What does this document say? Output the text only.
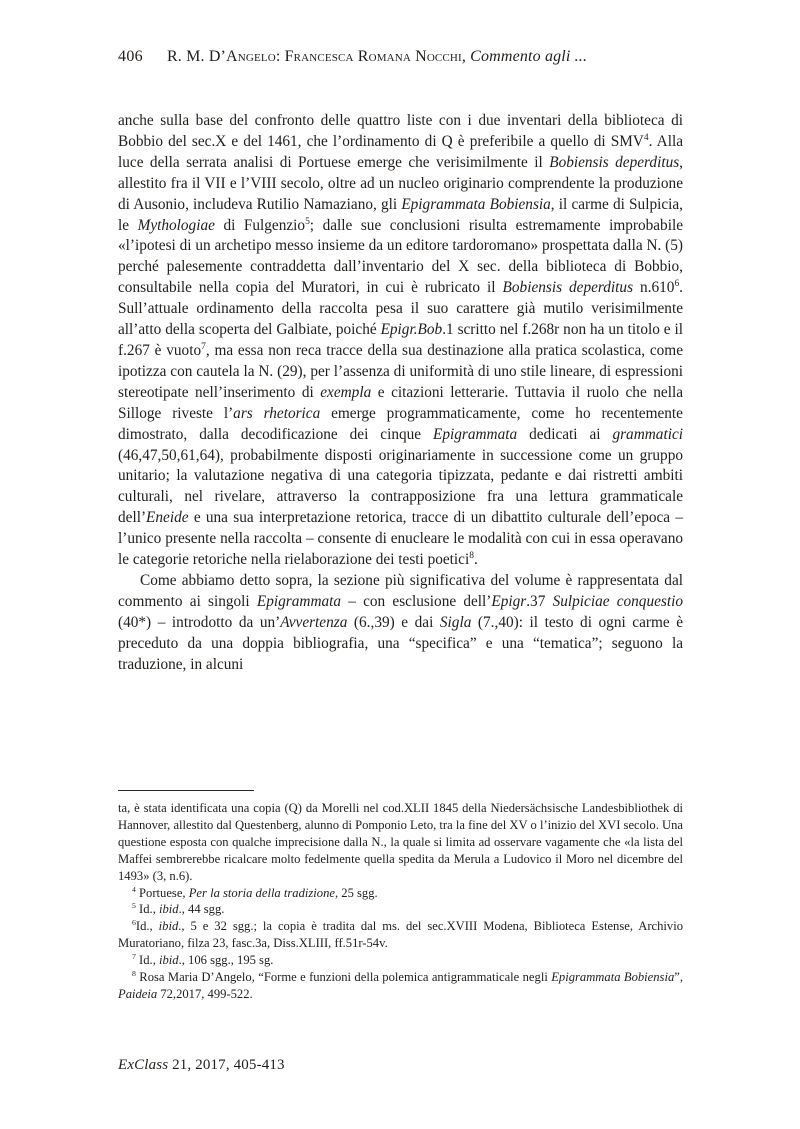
406 R. M. D’Angelo: Francesca Romana Nocchi, Commento agli ...

anche sulla base del confronto delle quattro liste con i due inventari della biblioteca di Bobbio del sec.X e del 1461, che l’ordinamento di Q è preferibile a quello di SMV$^4$. Alla luce della serrata analisi di Portuese emerge che verisimilmente il Bobiensis deperditus, allestito fra il VII e l’VIII secolo, oltre ad un nucleo originario comprendente la produzione di Ausonio, includeva Rutilio Namaziano, gli Epigrammata Bobiensia, il carme di Sulpicia, le Mythologiae di Fulgenzio$^5$; dalle sue conclusioni risulta estremamente improbabile «l’ipotesi di un archetipo messo insieme da un editore tardoromano» prospettata dalla N. (5) perché palesemente contraddetta dall’inventario del X sec. della biblioteca di Bobbio, consultabile nella copia del Muratori, in cui è rubricato il Bobiensis deperditus n.610$^6$. Sull’attuale ordinamento della raccolta pesa il suo carattere già mutilo verisimilmente all’atto della scoperta del Galbiate, poiché Epigr.Bob.1 scritto nel f.268r non ha un titolo e il f.267 è vuoto$^7$, ma essa non reca tracce della sua destinazione alla pratica scolastica, come ipotizza con cautela la N. (29), per l’assenza di uniformità di uno stile lineare, di espressioni stereotipate nell’inserimento di exempla e citazioni letterarie. Tuttavia il ruolo che nella Silloge riveste l’ars rhetorica emerge programmaticamente, come ho recentemente dimostrato, dalla decodificazione dei cinque Epigrammata dedicati ai grammatici (46,47,50,61,64), probabilmente disposti originariamente in successione come un gruppo unitario; la valutazione negativa di una categoria tipizzata, pedante e dai ristretti ambiti culturali, nel rivelare, attraverso la contrapposizione fra una lettura grammaticale dell’Eneide e una sua interpretazione retorica, tracce di un dibattito culturale dell’epoca – l’unico presente nella raccolta – consente di enucleare le modalità con cui in essa operavano le categorie retoriche nella rielaborazione dei testi poetici$^8$.

Come abbiamo detto sopra, la sezione più significativa del volume è rappresentata dal commento ai singoli Epigrammata – con esclusione dell’Epigr.37 Sulpiciae conquestio (40*) – introdotto da un’Avvertenza (6.,39) e dai Sigla (7.,40): il testo di ogni carme è preceduto da una doppia bibliografia, una “specifica” e una “tematica”; seguono la traduzione, in alcuni

ta, è stata identificata una copia (Q) da Morelli nel cod.XLII 1845 della Niedersächsische Landesbibliothek di Hannover, allestito dal Questenberg, alunno di Pomponio Leto, tra la fine del XV o l’inizio del XVI secolo. Una questione esposta con qualche imprecisione dalla N., la quale si limita ad osservare vagamente che «la lista del Maffei sembrerebbe ricalcare molto fedelmente quella spedita da Merula a Ludovico il Moro nel dicembre del 1493» (3, n.6).

$^4$ Portuese, Per la storia della tradizione, 25 sgg.

$^5$ Id., ibid., 44 sgg.

$^6$Id., ibid., 5 e 32 sgg.; la copia è tradita dal ms. del sec.XVIII Modena, Biblioteca Estense, Archivio Muratoriano, filza 23, fasc.3a, Diss.XLIII, ff.51r-54v.

$^7$ Id., ibid., 106 sgg., 195 sg.

$^8$ Rosa Maria D’Angelo, “Forme e funzioni della polemica antigrammaticale negli Epigrammata Bobiensia”, Paideia 72,2017, 499-522.

ExClass 21, 2017, 405-413
